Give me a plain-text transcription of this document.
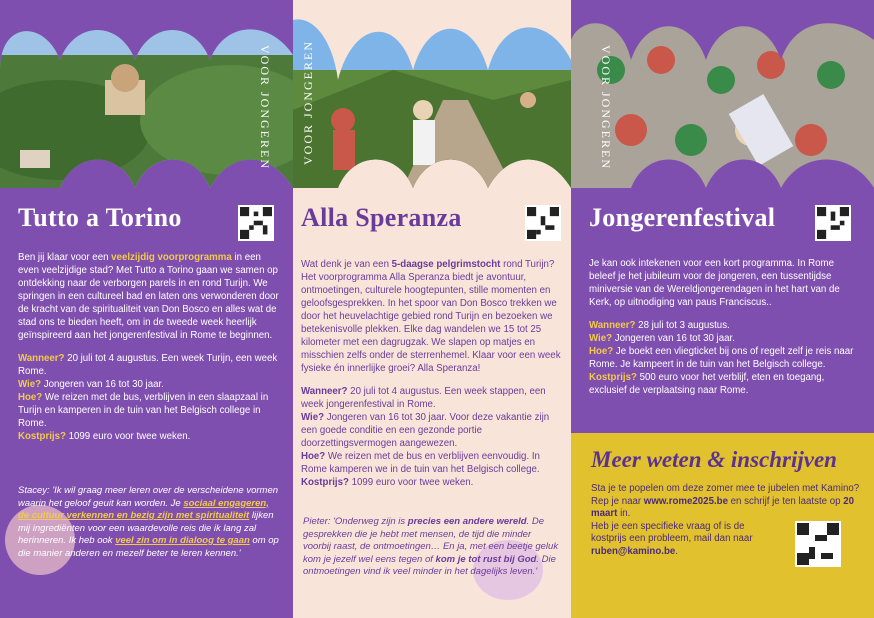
VOOR JONGEREN
Tutto a Torino

Ben jij klaar voor een veelzijdig voorprogramma in een even veelzijdige stad? Met Tutto a Torino gaan we samen op ontdekking naar de verborgen parels in en rond Turijn. We springen in een cultureel bad en laten ons verwonderen door de kracht van de spiritualiteit van Don Bosco en alles wat de stad ons te bieden heeft, om in de tweede week heerlijk geïnspireerd aan het jongerenfestival in Rome te beginnen.

Wanneer? 20 juli tot 4 augustus. Een week Turijn, een week Rome.
Wie? Jongeren van 16 tot 30 jaar.
Hoe? We reizen met de bus, verblijven in een slaapzaal in Turijn en kamperen in de tuin van het Belgisch college in Rome.
Kostprijs? 1099 euro voor twee weken.

Stacey: 'Ik wil graag meer leren over de verscheidene vormen waarin het geloof geuit kan worden. Je sociaal engageren, de cultuur verkennen en bezig zijn met spiritualiteit lijken mij ingrediënten voor een waardevolle reis die ik lang zal herinneren. Ik heb ook veel zin om in dialoog te gaan om op die manier anderen en mezelf beter te leren kennen.'
VOOR JONGEREN
Alla Speranza

Wat denk je van een 5-daagse pelgrimstocht rond Turijn? Het voorprogramma Alla Speranza biedt je avontuur, ontmoetingen, culturele hoogtepunten, stille momenten en geloofsgesprekken. In het spoor van Don Bosco trekken we door het heuvelachtige gebied rond Turijn en bezoeken we betekenisvolle plekken. Elke dag wandelen we 15 tot 25 kilometer met een dagrugzak. We slapen op matjes en misschien zelfs onder de sterrenhemel. Klaar voor een week fysieke én innerlijke groei? Alla Speranza!

Wanneer? 20 juli tot 4 augustus. Een week stappen, een week jongerenfestival in Rome.
Wie? Jongeren van 16 tot 30 jaar. Voor deze vakantie zijn een goede conditie en een gezonde portie doorzettingsvermogen aangewezen.
Hoe? We reizen met de bus en verblijven eenvoudig. In Rome kamperen we in de tuin van het Belgisch college.
Kostprijs? 1099 euro voor twee weken.

Pieter: 'Onderweg zijn is precies een andere wereld. De gesprekken die je hebt met mensen, de tijd die minder voorbij raast, de ontmoetingen… En ja, met een beetje geluk kom je jezelf wel eens tegen of kom je tot rust bij God. Die ontmoetingen vind ik veel minder in het dagelijks leven.'
VOOR JONGEREN
Jongerenfestival

Je kan ook intekenen voor een kort programma. In Rome beleef je het jubileum voor de jongeren, een tussentijdse miniversie van de Wereldjongerendagen in het hart van de Kerk, op uitnodiging van paus Franciscus..

Wanneer? 28 juli tot 3 augustus.
Wie? Jongeren van 16 tot 30 jaar.
Hoe? Je boekt een vliegticket bij ons of regelt zelf je reis naar Rome. Je kampeert in de tuin van het Belgisch college.
Kostprijs? 500 euro voor het verblijf, eten en toegang, exclusief de verplaatsing naar Rome.

Meer weten & inschrijven
Sta je te popelen om deze zomer mee te jubelen met Kamino? Rep je naar www.rome2025.be en schrijf je ten laatste op 20 maart in.
Heb je een specifieke vraag of is de kostprijs een probleem, mail dan naar ruben@kamino.be.
